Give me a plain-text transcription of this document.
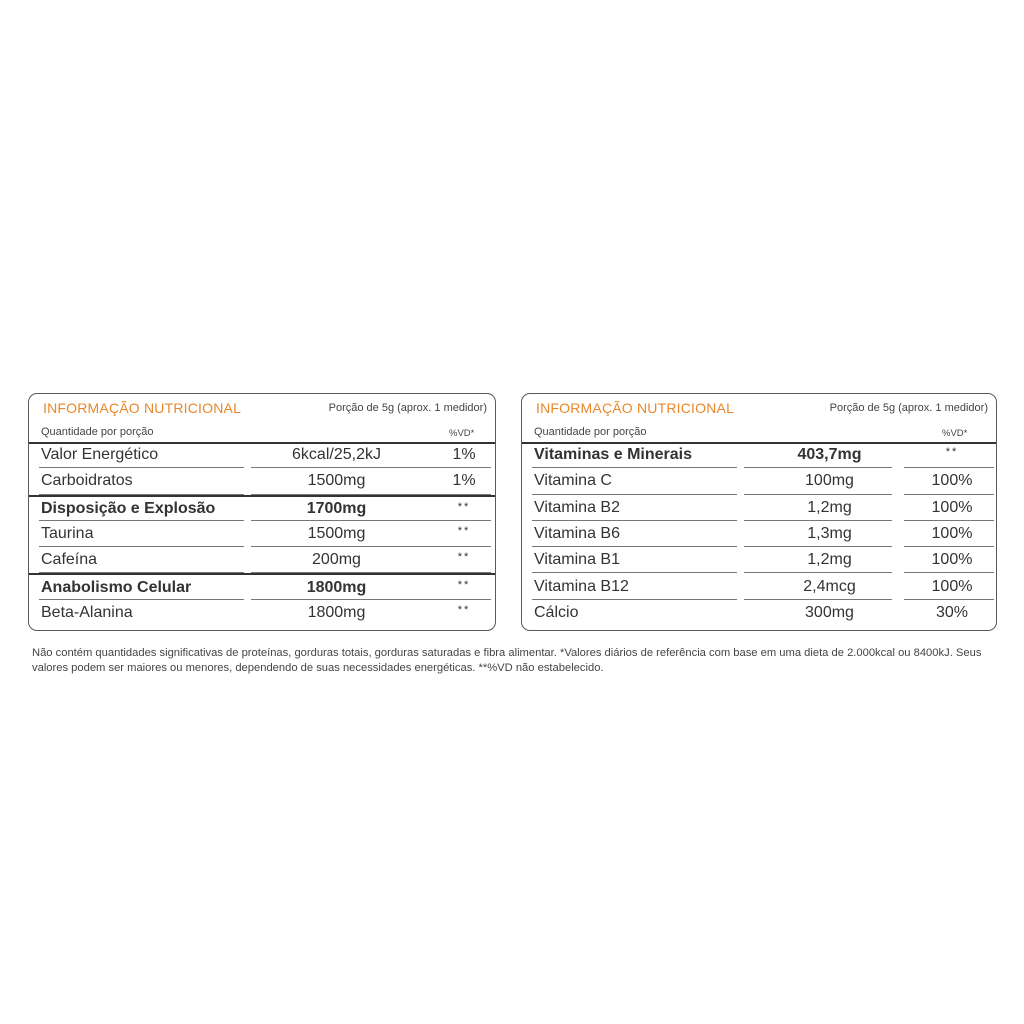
INFORMAÇÃO NUTRICIONAL	Porção de 5g (aprox. 1 medidor)
Quantidade por porção	%VD*
Valor Energético	6kcal/25,2kJ	1%
Carboidratos	1500mg	1%
Disposição e Explosão	1700mg	**
Taurina	1500mg	**
Cafeína	200mg	**
Anabolismo Celular	1800mg	**
Beta-Alanina	1800mg	**
INFORMAÇÃO NUTRICIONAL	Porção de 5g (aprox. 1 medidor)
Quantidade por porção	%VD*
Vitaminas e Minerais	403,7mg	**
Vitamina C	100mg	100%
Vitamina B2	1,2mg	100%
Vitamina B6	1,3mg	100%
Vitamina B1	1,2mg	100%
Vitamina B12	2,4mcg	100%
Cálcio	300mg	30%
Não contém quantidades significativas de proteínas, gorduras totais, gorduras saturadas e fibra alimentar. *Valores diários de referência com base em uma dieta de 2.000kcal ou 8400kJ. Seus valores podem ser maiores ou menores, dependendo de suas necessidades energéticas. **%VD não estabelecido.
